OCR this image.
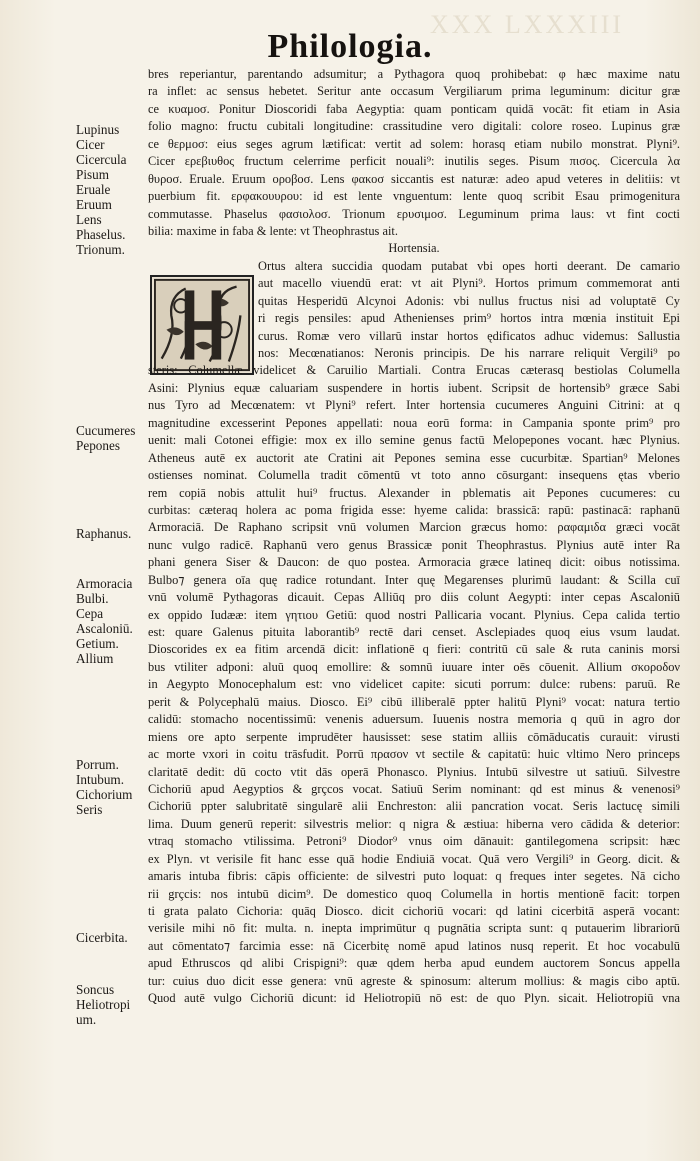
XXX LXXXIII
Philologia.
Lupinus
Cicer
Cicercula
Pisum
Eruale
Eruum
Lens
Phaselus.
Trionum.
Cucumeres
Pepones
Raphanus.
Armoracia
Bulbi.
Cepa
Ascaloniū.
Getium.
Allium
Porrum.
Intubum.
Cichorium
Seris
Cicerbita.
Soncus
Heliotropi
um.
bres reperiantur, parentando adsumitur; a Pythagora quoq prohibebat: φ hæc maxime natu
ra inflet: ac sensus hebetet. Seritur ante occasum Vergiliarum prima leguminum: dicitur græ
ce κυαμοσ. Ponitur Dioscoridi faba Aegyptia: quam ponticam quidā vocāt: fit etiam in Asia
folio magno: fructu cubitali longitudine: crassitudine vero digitali: colore roseo. Lupinus græ
ce θερμοσ: eius seges agrum lætificat: vertit ad solem: horasq etiam nubilo monstrat. Plyni⁹.
Cicer ερεβιυθος fructum celerrime perficit nouali⁹: inutilis seges. Pisum πισος. Cicercula λα
θυροσ. Eruale. Eruum οροβοσ. Lens φακοσ siccantis est naturæ: adeo apud veteres in delitiis: vt
puerbium fit. ερφακουυρου: id est lente vnguentum: lente quoq scribit Esau primogenitura
commutasse. Phaselus φασιολοσ. Trionum ερυσιμοσ. Leguminum prima laus: vt fint cocti
bilia: maxime in faba & lente: vt Theophrastus ait.
Hortensia.
Ortus altera succidia quodam putabat vbi opes horti deerant. De camario
aut macello viuendū erat: vt ait Plyni⁹. Hortos primum commemorat anti
quitas Hesperidū Alcynoi Adonis: vbi nullus fructus nisi ad voluptatē Cy
ri regis pensiles: apud Athenienses prim⁹ hortos intra mœnia instituit Epi
curus. Romæ vero villarū instar hortos ędificatos adhuc videmus: Sallustia
nos: Mecœnatianos: Neronis principis. De his narrare reliquit Vergili⁹ po
steris: Columellæ videlicet & Caruilio Martiali. Contra Erucas cæterasq bestiolas Columella
Asini: Plynius equæ caluariam suspendere in hortis iubent. Scripsit de hortensib⁹ græce Sabi
nus Tyro ad Mecœnatem: vt Plyni⁹ refert. Inter hortensia cucumeres Anguini Citrini: at q
magnitudine excesserint Pepones appellati: noua eorū forma: in Campania sponte prim⁹ pro
uenit: mali Cotonei effigie: mox ex illo semine genus factū Melopepones vocant. hæc Plynius.
Atheneus autē ex auctorit ate Cratini ait Pepones semina esse cucurbitæ. Spartian⁹ Melones
ostienses nominat. Columella tradit cōmentū vt toto anno cōsurgant: insequens ętas vberio
rem copiā nobis attulit hui⁹ fructus. Alexander in pblematis ait Pepones cucumeres: cu
curbitas: cæteraq holera ac poma frigida esse: hyeme calida: brassicā: rapū: pastinacā: raphanū
Armoraciā. De Raphano scripsit vnū volumen Marcion græcus homo: ραφαμιδα græci vocāt
nunc vulgo radicē. Raphanū vero genus Brassicæ ponit Theophrastus. Plynius autē inter Ra
phani genera Siser & Daucon: de quo postea. Armoracia græce latineq dicit: oibus notissima.
Bulbo⁊ genera oīa quę radice rotundant. Inter quę Megarenses plurimū laudant: & Scilla cuī
vnū volumē Pythagoras dicauit. Cepas Alliūq pro diis colunt Aegypti: inter cepas Ascaloniū
ex oppido Iudææ: item γητιου Getiū: quod nostri Pallicaria vocant. Plynius. Cepa calida tertio
est: quare Galenus pituita laborantib⁹ rectē dari censet. Asclepiades quoq eius vsum laudat.
Dioscorides ex ea fitim arcendā dicit: inflationē q fieri: contritū cū sale & ruta caninis morsi
bus vtiliter adponi: aluū quoq emollire: & somnū iuuare inter oēs cōuenit. Allium σκοροδον
in Aegypto Monocephalum est: vno videlicet capite: sicuti porrum: dulce: rubens: paruū. Re
perit & Polycephalū maius. Diosco. Ei⁹ cibū illiberalē ppter halitū Plyni⁹ vocat: natura tertio
calidū: stomacho nocentissimū: venenis aduersum. Iuuenis nostra memoria q quū in agro dor
miens ore apto serpente imprudēter hausisset: sese statim alliis cōmāducatis curauit: virusti
ac morte vxori in coitu trāsfudit. Porrū πρασον vt sectile & capitatū: huic vltimo Nero princeps
claritatē dedit: dū cocto vtit dās operā Phonasco. Plynius. Intubū silvestre ut satiuū. Silvestre
Cichoriū apud Aegyptios & grçcos vocat. Satiuū Serim nominant: qd est minus & venenosi⁹
Cichoriū ppter salubritatē singularē alii Enchreston: alii pancration vocat. Seris lactucę simili
lima. Duum generū reperit: silvestris melior: q nigra & æstiua: hiberna vero cādida & deterior:
vtraq stomacho vtilissima. Petroni⁹ Diodor⁹ vnus oim dānauit: gantilegomena scripsit: hæc
ex Plyn. vt verisile fit hanc esse quā hodie Endiuiā vocat. Quā vero Vergili⁹ in Georg. dicit. &
amaris intuba fibris: cāpis officiente: de silvestri puto loquat: q freques inter segetes. Nā cicho
rii grçcis: nos intubū dicim⁹. De domestico quoq Columella in hortis mentionē facit: torpen
ti grata palato Cichoria: quāq Diosco. dicit cichoriū vocari: qd latini cicerbitā asperā vocant:
verisile mihi nō fit: multa. n. inepta imprimūtur q pugnātia scripta sunt: q putauerim librariorū
aut cōmentato⁊ farcimia esse: nā Cicerbitę nomē apud latinos nusq reperit. Et hoc vocabulū
apud Ethruscos qd alibi Crispigni⁹: quæ qdem herba apud eundem auctorem Soncus appella
tur: cuius duo dicit esse genera: vnū agreste & spinosum: alterum mollius: & magis cibo aptū.
Quod autē vulgo Cichoriū dicunt: id Heliotropiū nō est: de quo Plyn. sicait. Heliotropiū vna
